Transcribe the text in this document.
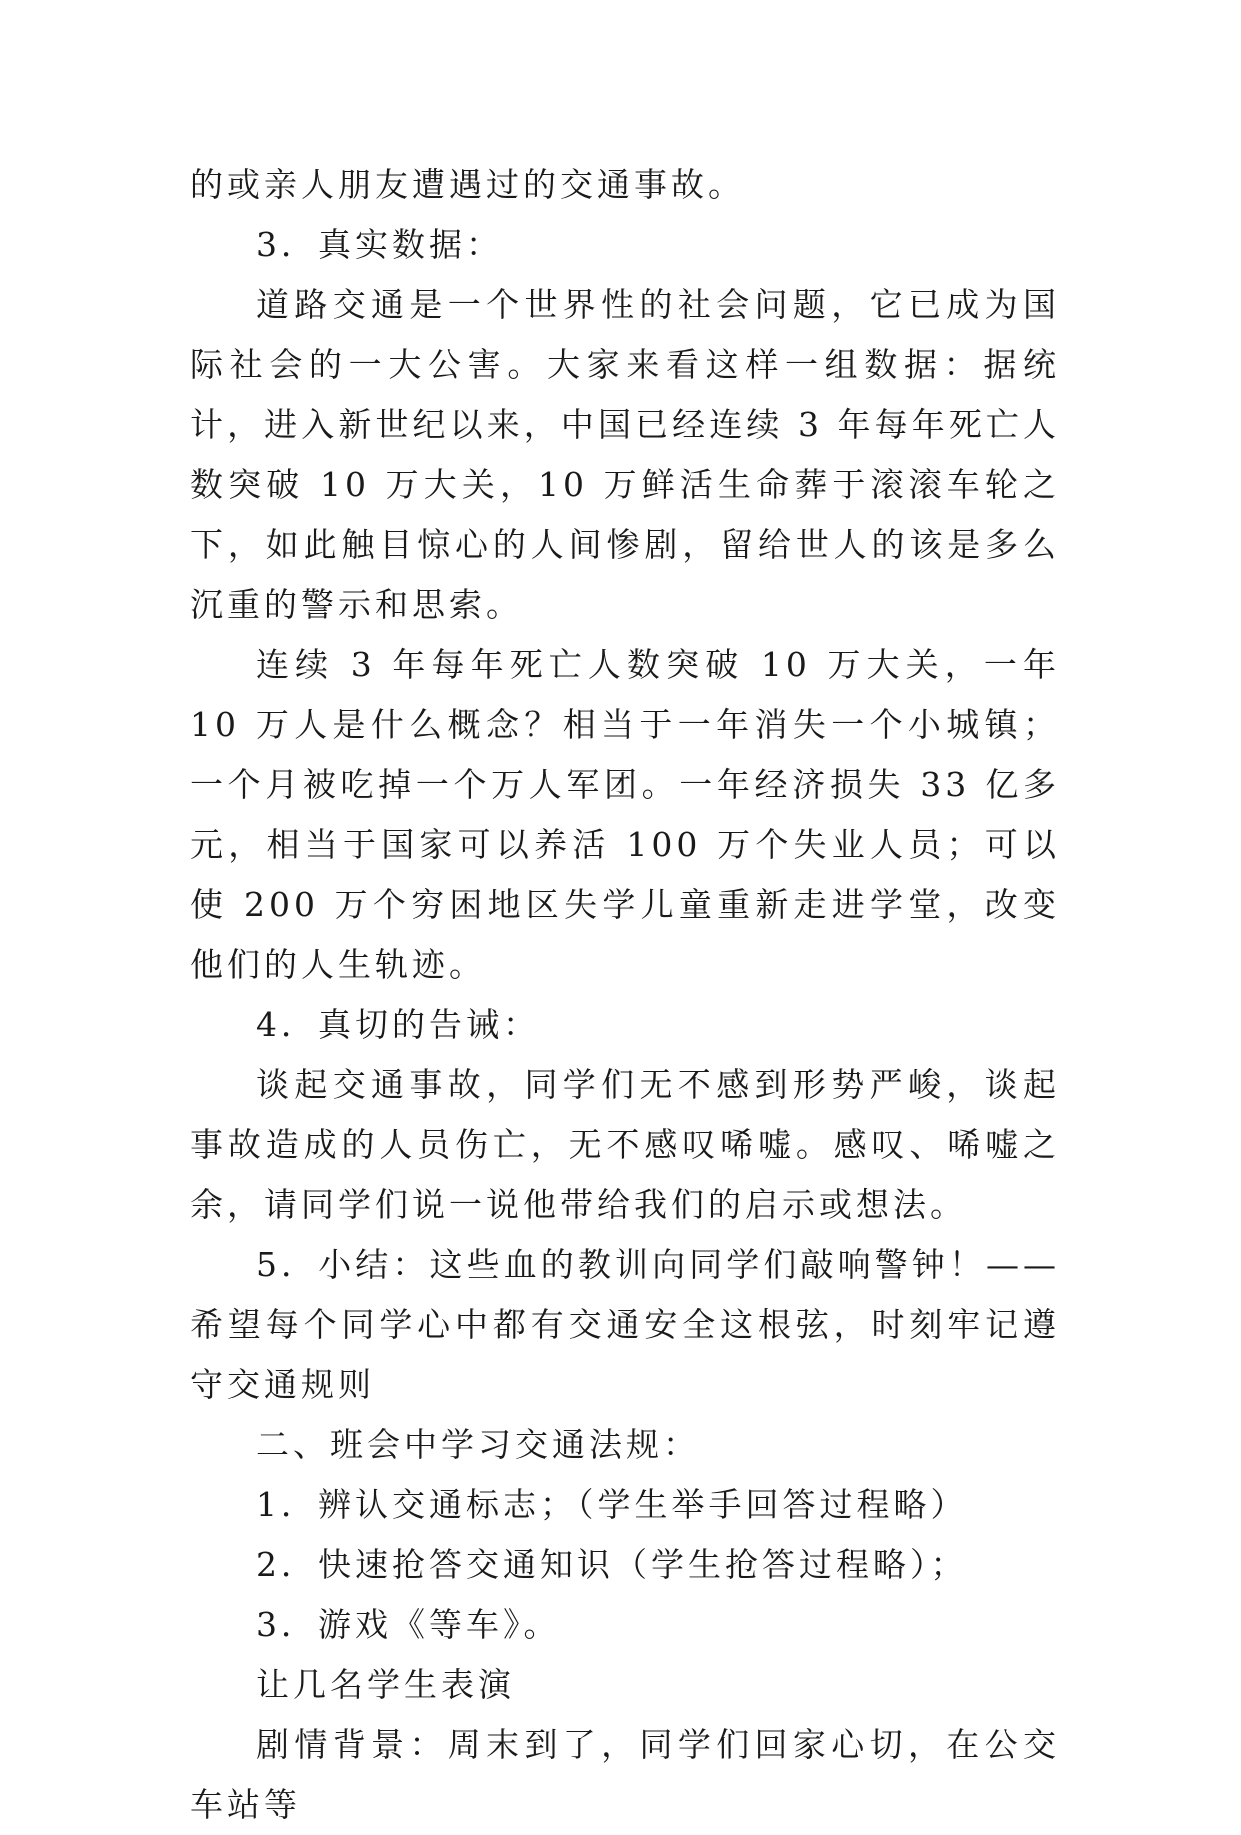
的或亲人朋友遭遇过的交通事故。

3．真实数据：

道路交通是一个世界性的社会问题，它已成为国际社会的一大公害。大家来看这样一组数据：据统计，进入新世纪以来，中国已经连续 3 年每年死亡人数突破 10 万大关，10 万鲜活生命葬于滚滚车轮之下，如此触目惊心的人间惨剧，留给世人的该是多么沉重的警示和思索。

连续 3 年每年死亡人数突破 10 万大关，一年 10 万人是什么概念？相当于一年消失一个小城镇；一个月被吃掉一个万人军团。一年经济损失 33 亿多元，相当于国家可以养活 100 万个失业人员；可以使 200 万个穷困地区失学儿童重新走进学堂，改变他们的人生轨迹。

4．真切的告诫：

谈起交通事故，同学们无不感到形势严峻，谈起事故造成的人员伤亡，无不感叹唏嘘。感叹、唏嘘之余，请同学们说一说他带给我们的启示或想法。

5．小结：这些血的教训向同学们敲响警钟！——希望每个同学心中都有交通安全这根弦，时刻牢记遵守交通规则

二、班会中学习交通法规：

1．辨认交通标志；（学生举手回答过程略）

2．快速抢答交通知识（学生抢答过程略）；

3．游戏《等车》。

让几名学生表演

剧情背景：周末到了，同学们回家心切，在公交车站等
